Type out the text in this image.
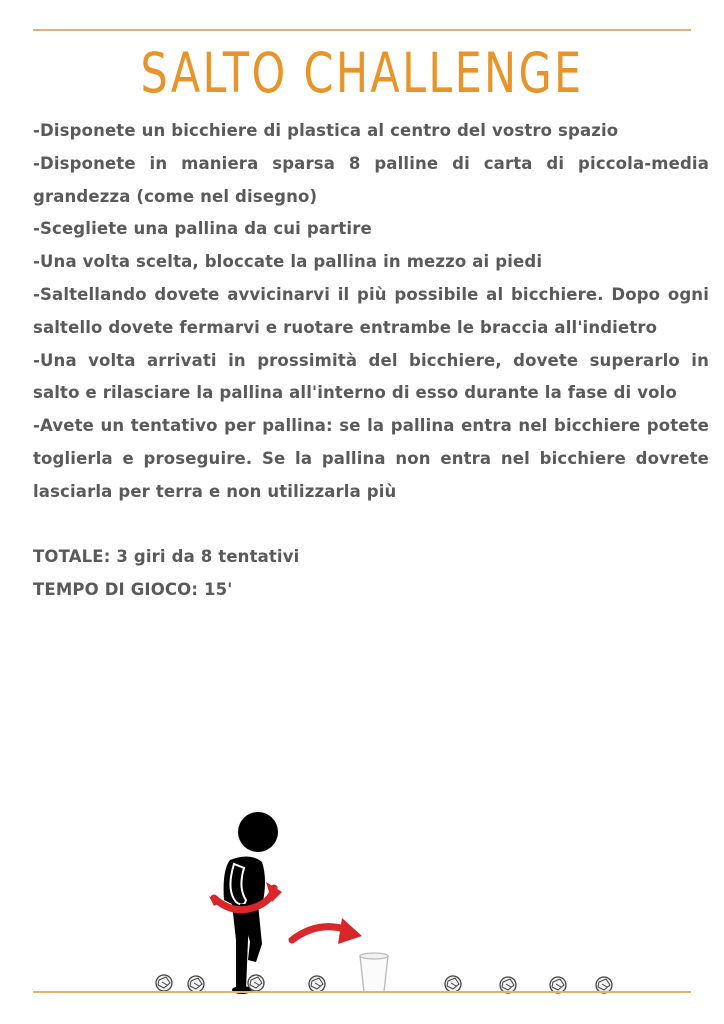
SALTO CHALLENGE

-Disponete un bicchiere di plastica al centro del vostro spazio

-Disponete in maniera sparsa 8 palline di carta di piccola-media grandezza (come nel disegno)

-Scegliete una pallina da cui partire

-Una volta scelta, bloccate la pallina in mezzo ai piedi

-Saltellando dovete avvicinarvi il più possibile al bicchiere. Dopo ogni saltello dovete fermarvi e ruotare entrambe le braccia all'indietro

-Una volta arrivati in prossimità del bicchiere, dovete superarlo in salto e rilasciare la pallina all'interno di esso durante la fase di volo

-Avete un tentativo per pallina: se la pallina entra nel bicchiere potete toglierla e proseguire. Se la pallina non entra nel bicchiere dovrete lasciarla per terra e non utilizzarla più

TOTALE: 3 giri da 8 tentativi

TEMPO DI GIOCO: 15'
